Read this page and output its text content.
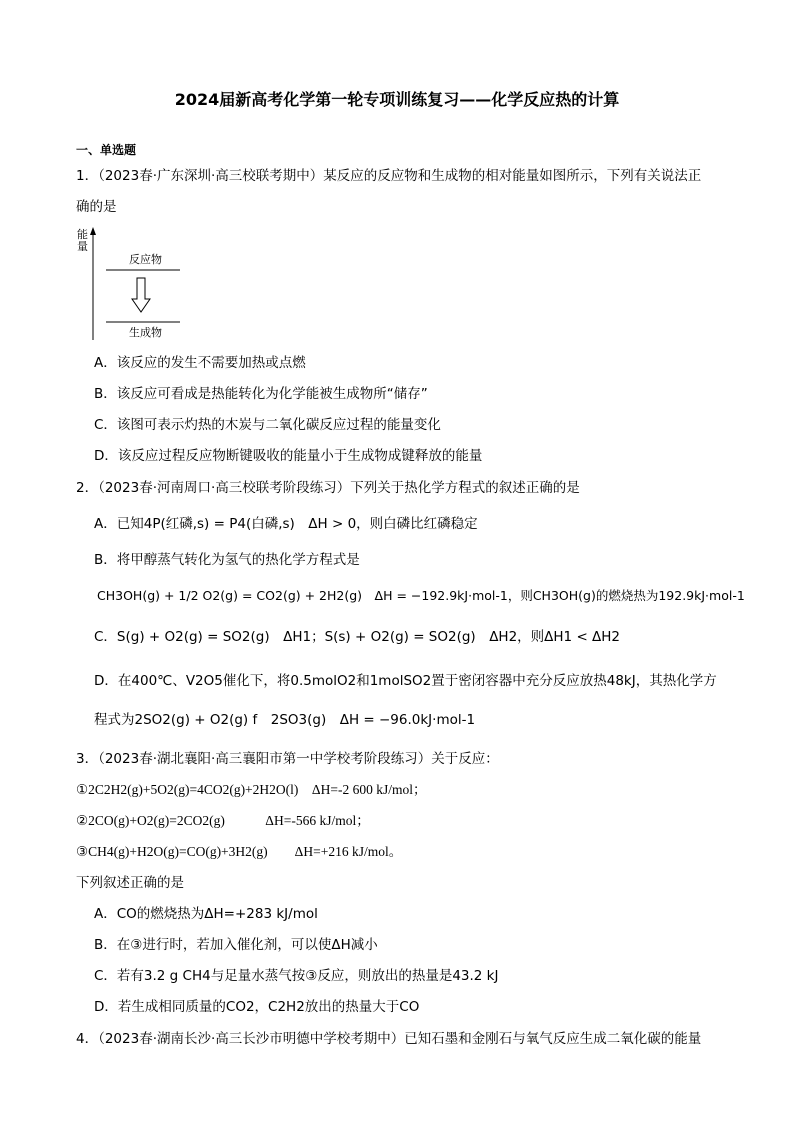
2024届新高考化学第一轮专项训练复习——化学反应热的计算
一、单选题
1．（2023春·广东深圳·高三校联考期中）某反应的反应物和生成物的相对能量如图所示，下列有关说法正
确的是
能量
反应物
生成物
A．该反应的发生不需要加热或点燃
B．该反应可看成是热能转化为化学能被生成物所“储存”
C．该图可表示灼热的木炭与二氧化碳反应过程的能量变化
D．该反应过程反应物断键吸收的能量小于生成物成键释放的能量
2．（2023春·河南周口·高三校联考阶段练习）下列关于热化学方程式的叙述正确的是
A．已知4P(红磷,s) = P4(白磷,s)　ΔH > 0，则白磷比红磷稳定
B．将甲醇蒸气转化为氢气的热化学方程式是
CH3OH(g) + 1/2 O2(g) = CO2(g) + 2H2(g)　ΔH = −192.9kJ·mol-1，则CH3OH(g)的燃烧热为192.9kJ·mol-1
C．S(g) + O2(g) = SO2(g)　ΔH1；S(s) + O2(g) = SO2(g)　ΔH2，则ΔH1 < ΔH2
D．在400℃、V2O5催化下，将0.5molO2和1molSO2置于密闭容器中充分反应放热48kJ，其热化学方
程式为2SO2(g) + O2(g) f　2SO3(g)　ΔH = −96.0kJ·mol-1
3．（2023春·湖北襄阳·高三襄阳市第一中学校考阶段练习）关于反应：
①2C2H2(g)+5O2(g)=4CO2(g)+2H2O(l)　ΔH=-2 600 kJ/mol；
②2CO(g)+O2(g)=2CO2(g)　　　ΔH=-566 kJ/mol；
③CH4(g)+H2O(g)=CO(g)+3H2(g)　　ΔH=+216 kJ/mol。
下列叙述正确的是
A．CO的燃烧热为ΔH=+283 kJ/mol
B．在③进行时，若加入催化剂，可以使ΔH减小
C．若有3.2 g CH4与足量水蒸气按③反应，则放出的热量是43.2 kJ
D．若生成相同质量的CO2，C2H2放出的热量大于CO
4．（2023春·湖南长沙·高三长沙市明德中学校考期中）已知石墨和金刚石与氧气反应生成二氧化碳的能量
